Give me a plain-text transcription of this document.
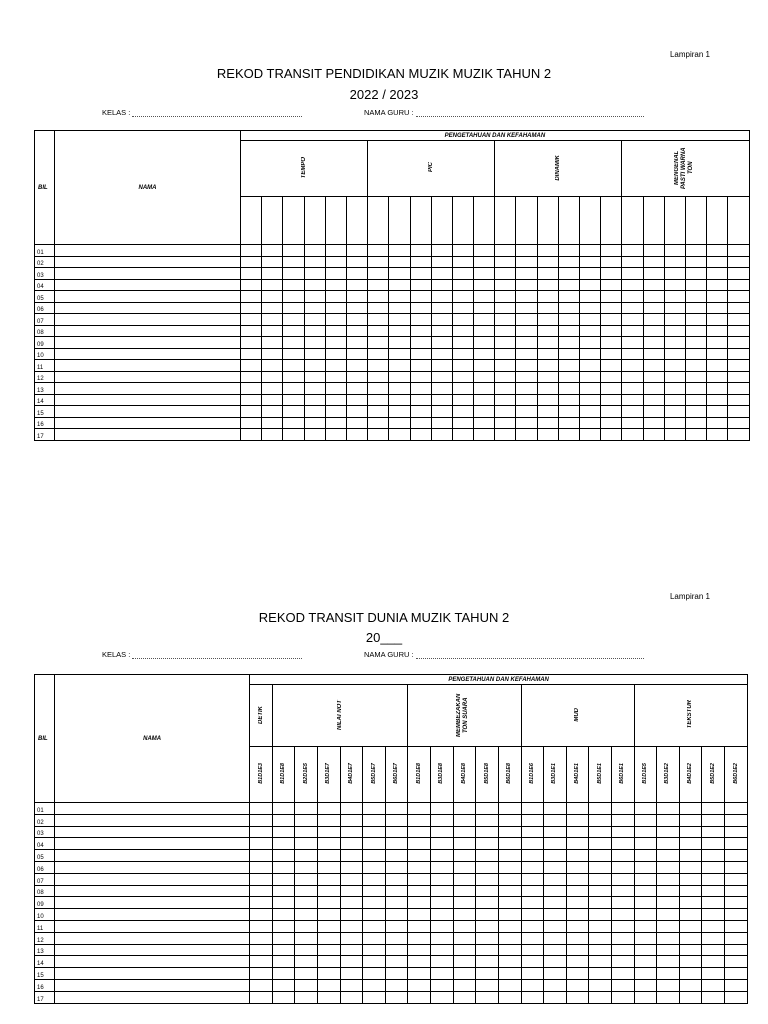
Lampiran 1
REKOD TRANSIT PENDIDIKAN MUZIK MUZIK TAHUN 2
2022 / 2023
KELAS :	NAMA GURU :
BIL	NAMA	PENGETAHUAN DAN KEFAHAMAN																							
		TEMPO						PIC						DINAMIK						MENGENAL PASTI WARNA TON					

01																									
02																									
03																									
04																									
05																									
06																									
07																									
08																									
09																									
10																									
11																									
12																									
13																									
14																									
15																									
16																									
17																									
Lampiran 1
REKOD TRANSIT DUNIA MUZIK TAHUN 2
20___
KELAS :	NAMA GURU :
BIL	NAMA	PENGETAHUAN DAN KEFAHAMAN																					
		DETIK	NILAI NOT						MEMBEZAKAN TON SUARA					MUD					TEKSTUR				
		B1D1E3	B1D1E8	B2D1E5	B3D1E7	B4D1E7	B5D1E7	B6D1E7	B1D1E8	B3D1E8	B4D1E8	B5D1E8	B6D1E8	B1D1E6	B3D1E1	B4D1E1	B5D1E1	B6D1E1	B1D1E5	B3D1E2	B4D1E2	B5D1E2	B6D1E2
01																							
02																							
03																							
04																							
05																							
06																							
07																							
08																							
09																							
10																							
11																							
12																							
13																							
14																							
15																							
16																							
17																							
